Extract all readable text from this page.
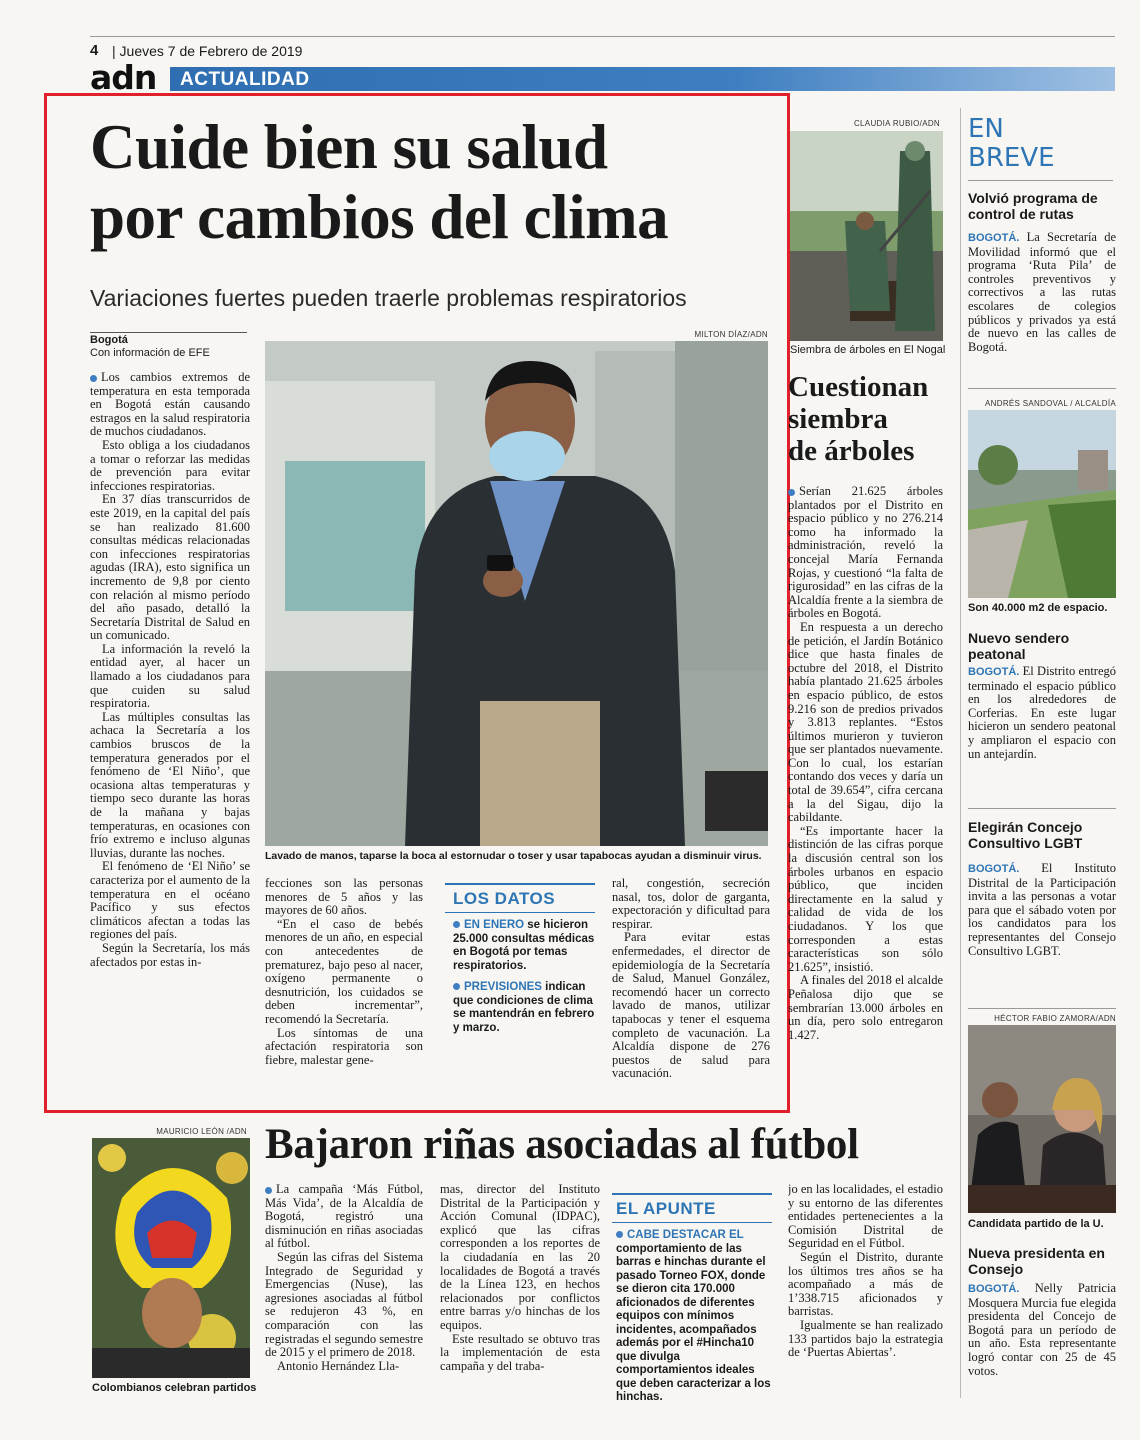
4 | Jueves 7 de Febrero de 2019
adn ACTUALIDAD
Cuide bien su salud
por cambios del clima
Variaciones fuertes pueden traerle problemas respiratorios
Bogotá
Con información de EFE
MILTON DÍAZ/ADN
Lavado de manos, taparse la boca al estornudar o toser y usar tapabocas ayudan a disminuir virus.

Los cambios extremos de temperatura en esta temporada en Bogotá están causando estragos en la salud respiratoria de muchos ciudadanos.

Esto obliga a los ciudadanos a tomar o reforzar las medidas de prevención para evitar infecciones respiratorias.

En 37 días transcurridos de este 2019, en la capital del país se han realizado 81.600 consultas médicas relacionadas con infecciones respiratorias agudas (IRA), esto significa un incremento de 9,8 por ciento con relación al mismo período del año pasado, detalló la Secretaría Distrital de Salud en un comunicado.

La información la reveló la entidad ayer, al hacer un llamado a los ciudadanos para que cuiden su salud respiratoria.

Las múltiples consultas las achaca la Secretaría a los cambios bruscos de la temperatura generados por el fenómeno de ‘El Niño’, que ocasiona altas temperaturas y tiempo seco durante las horas de la mañana y bajas temperaturas, en ocasiones con frío extremo e incluso algunas lluvias, durante las noches.

El fenómeno de ‘El Niño’ se caracteriza por el aumento de la temperatura en el océano Pacífico y sus efectos climáticos afectan a todas las regiones del país.

Según la Secretaría, los más afectados por estas in-

fecciones son las personas menores de 5 años y las mayores de 60 años.

“En el caso de bebés menores de un año, en especial con antecedentes de prematurez, bajo peso al nacer, oxígeno permanente o desnutrición, los cuidados se deben incrementar”, recomendó la Secretaría.

Los síntomas de una afectación respiratoria son fiebre, malestar gene-

LOS DATOS
EN ENERO se hicieron 25.000 consultas médicas en Bogotá por temas respiratorios.
PREVISIONES indican que condiciones de clima se mantendrán en febrero y marzo.

ral, congestión, secreción nasal, tos, dolor de garganta, expectoración y dificultad para respirar.

Para evitar estas enfermedades, el director de epidemiología de la Secretaría de Salud, Manuel González, recomendó hacer un correcto lavado de manos, utilizar tapabocas y tener el esquema completo de vacunación. La Alcaldía dispone de 276 puestos de salud para vacunación.

CLAUDIA RUBIO/ADN
Siembra de árboles en El Nogal
Cuestionan
siembra
de árboles

Serían 21.625 árboles plantados por el Distrito en espacio público y no 276.214 como ha informado la administración, reveló la concejal María Fernanda Rojas, y cuestionó “la falta de rigurosidad” en las cifras de la Alcaldía frente a la siembra de árboles en Bogotá.

En respuesta a un derecho de petición, el Jardín Botánico dice que hasta finales de octubre del 2018, el Distrito había plantado 21.625 árboles en espacio público, de estos 9.216 son de predios privados y 3.813 replantes. “Estos últimos murieron y tuvieron que ser plantados nuevamente. Con lo cual, los estarían contando dos veces y daría un total de 39.654”, cifra cercana a la del Sigau, dijo la cabildante.

“Es importante hacer la distinción de las cifras porque la discusión central son los árboles urbanos en espacio público, que inciden directamente en la salud y calidad de vida de los ciudadanos. Y los que corresponden a estas características son sólo 21.625”, insistió.

A finales del 2018 el alcalde Peñalosa dijo que se sembrarían 13.000 árboles en un día, pero solo entregaron 1.427.

EN
BREVE
Volvió programa de control de rutas
BOGOTÁ. La Secretaría de Movilidad informó que el programa ‘Ruta Pila’ de controles preventivos y correctivos a las rutas escolares de colegios públicos y privados ya está de nuevo en las calles de Bogotá.
ANDRÉS SANDOVAL / ALCALDÍA
Son 40.000 m2 de espacio.
Nuevo sendero peatonal
BOGOTÁ. El Distrito entregó terminado el espacio público en los alrededores de Corferias. En este lugar hicieron un sendero peatonal y ampliaron el espacio con un antejardín.
Elegirán Concejo Consultivo LGBT
BOGOTÁ. El Instituto Distrital de la Participación invita a las personas a votar para que el sábado voten por los candidatos para los representantes del Consejo Consultivo LGBT.
HÉCTOR FABIO ZAMORA/ADN
Candidata partido de la U.
Nueva presidenta en Consejo
BOGOTÁ. Nelly Patricia Mosquera Murcia fue elegida presidenta del Concejo de Bogotá para un período de un año. Esta representante logró contar con 25 de 45 votos.
MAURICIO LEÓN /ADN
Colombianos celebran partidos
Bajaron riñas asociadas al fútbol

La campaña ‘Más Fútbol, Más Vida’, de la Alcaldía de Bogotá, registró una disminución en riñas asociadas al fútbol.

Según las cifras del Sistema Integrado de Seguridad y Emergencias (Nuse), las agresiones asociadas al fútbol se redujeron 43 %, en comparación con las registradas el segundo semestre de 2015 y el primero de 2018.

Antonio Hernández Lla-

mas, director del Instituto Distrital de la Participación y Acción Comunal (IDPAC), explicó que las cifras corresponden a los reportes de la ciudadanía en las 20 localidades de Bogotá a través de la Línea 123, en hechos relacionados por conflictos entre barras y/o hinchas de los equipos.

Este resultado se obtuvo tras la implementación de esta campaña y del traba-

EL APUNTE
CABE DESTACAR EL comportamiento de las barras e hinchas durante el pasado Torneo FOX, donde se dieron cita 170.000 aficionados de diferentes equipos con mínimos incidentes, acompañados además por el #Hincha10 que divulga comportamientos ideales que deben caracterizar a los hinchas.

jo en las localidades, el estadio y su entorno de las diferentes entidades pertenecientes a la Comisión Distrital de Seguridad en el Fútbol.

Según el Distrito, durante los últimos tres años se ha acompañado a más de 1’338.715 aficionados y barristas.

Igualmente se han realizado 133 partidos bajo la estrategia de ‘Puertas Abiertas’.
